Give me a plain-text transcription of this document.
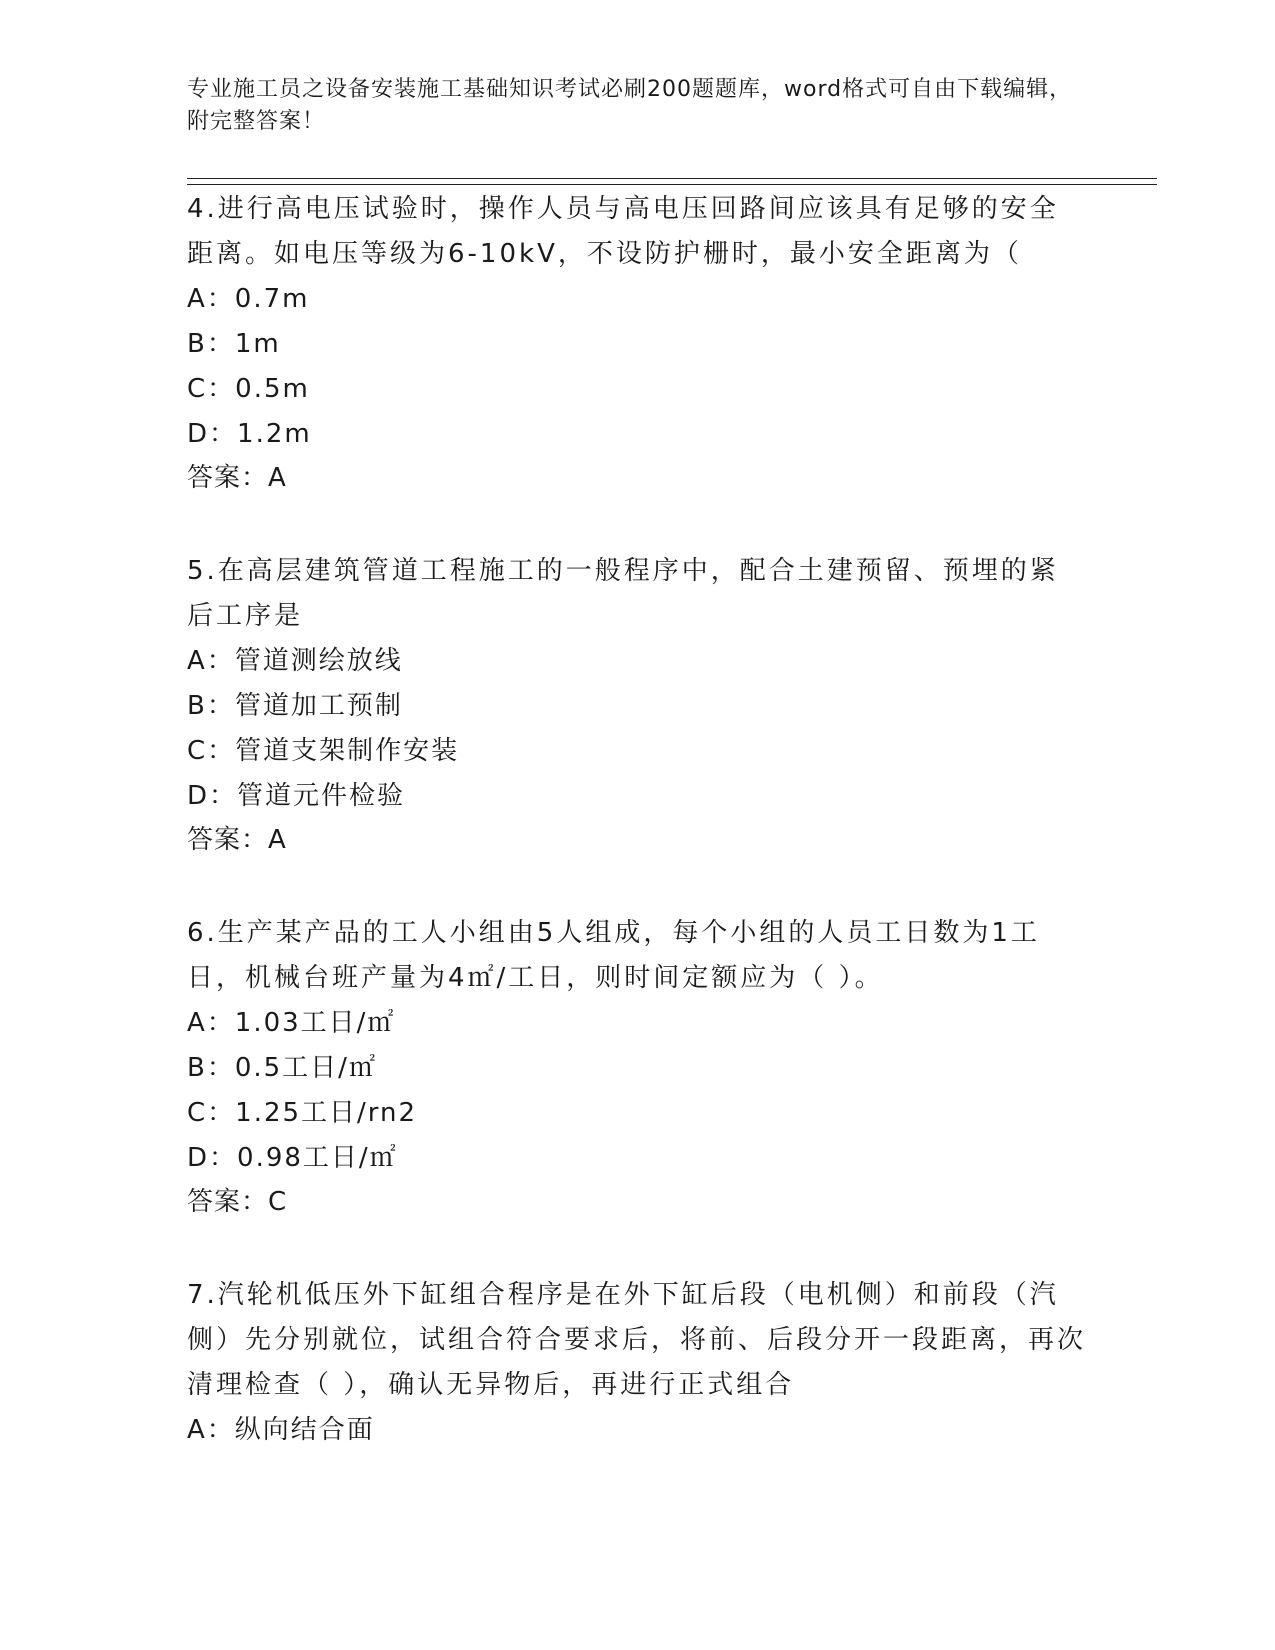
专业施工员之设备安装施工基础知识考试必刷200题题库，word格式可自由下载编辑，附完整答案！

4.进行高电压试验时，操作人员与高电压回路间应该具有足够的安全距离。如电压等级为6-10kV，不设防护栅时，最小安全距离为（

A：0.7m

B：1m

C：0.5m

D：1.2m

答案：A

5.在高层建筑管道工程施工的一般程序中，配合土建预留、预埋的紧后工序是

A：管道测绘放线

B：管道加工预制

C：管道支架制作安装

D：管道元件检验

答案：A

6.生产某产品的工人小组由5人组成，每个小组的人员工日数为1工日，机械台班产量为4㎡/工日，则时间定额应为（ ）。

A：1.03工日/㎡

B：0.5工日/㎡

C：1.25工日/rn2

D：0.98工日/㎡

答案：C

7.汽轮机低压外下缸组合程序是在外下缸后段（电机侧）和前段（汽侧）先分别就位，试组合符合要求后，将前、后段分开一段距离，再次清理检查（ ），确认无异物后，再进行正式组合

A：纵向结合面
